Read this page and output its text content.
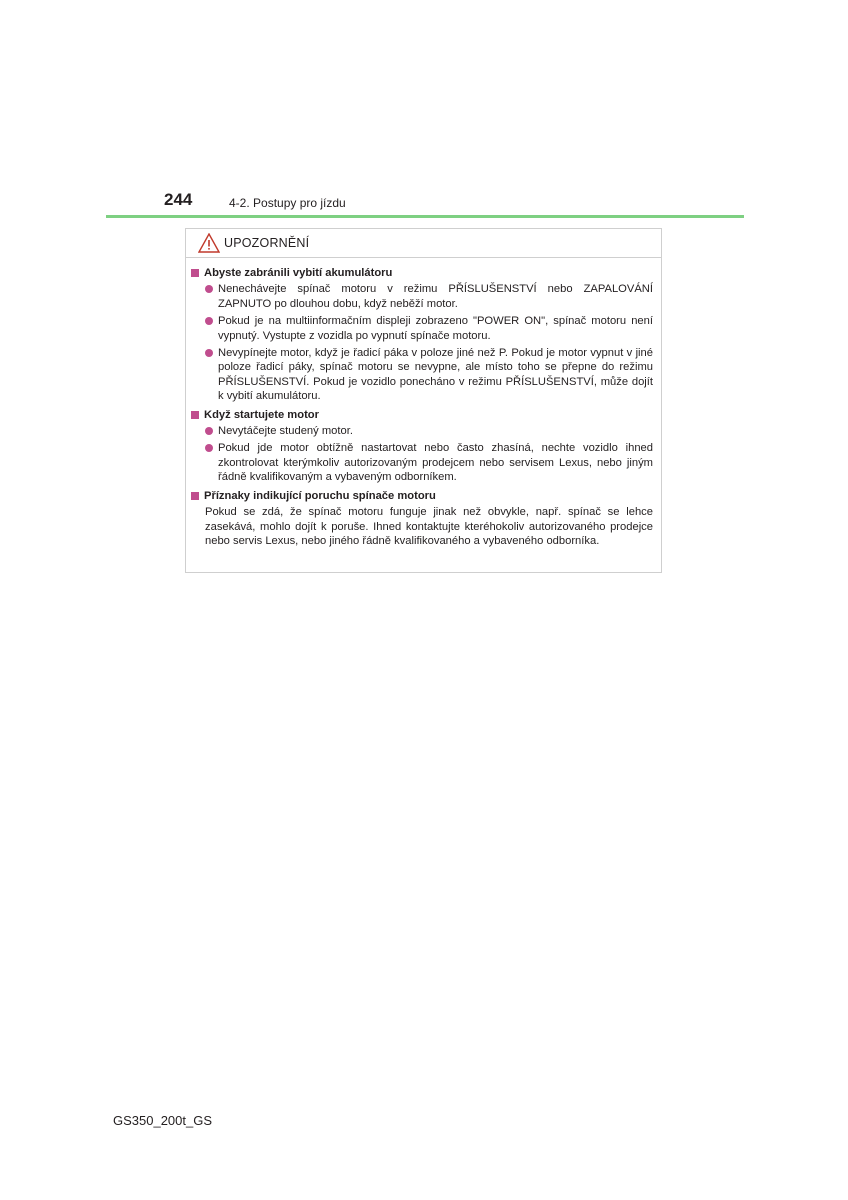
244	4-2. Postupy pro jízdu
UPOZORNĚNÍ
Abyste zabránili vybití akumulátoru
Nenechávejte spínač motoru v režimu PŘÍSLUŠENSTVÍ nebo ZAPALOVÁNÍ ZAPNUTO po dlouhou dobu, když neběží motor.
Pokud je na multiinformačním displeji zobrazeno "POWER ON", spínač motoru není vypnutý. Vystupte z vozidla po vypnutí spínače motoru.
Nevypínejte motor, když je řadicí páka v poloze jiné než P. Pokud je motor vypnut v jiné poloze řadicí páky, spínač motoru se nevypne, ale místo toho se přepne do režimu PŘÍSLUŠENSTVÍ. Pokud je vozidlo ponecháno v režimu PŘÍSLUŠENSTVÍ, může dojít k vybití akumulátoru.
Když startujete motor
Nevytáčejte studený motor.
Pokud jde motor obtížně nastartovat nebo často zhasíná, nechte vozidlo ihned zkontrolovat kterýmkoliv autorizovaným prodejcem nebo servisem Lexus, nebo jiným řádně kvalifikovaným a vybaveným odborníkem.
Příznaky indikující poruchu spínače motoru
Pokud se zdá, že spínač motoru funguje jinak než obvykle, např. spínač se lehce zasekává, mohlo dojít k poruše. Ihned kontaktujte kteréhokoliv autorizovaného prodejce nebo servis Lexus, nebo jiného řádně kvalifikovaného a vybaveného odborníka.
GS350_200t_GS
